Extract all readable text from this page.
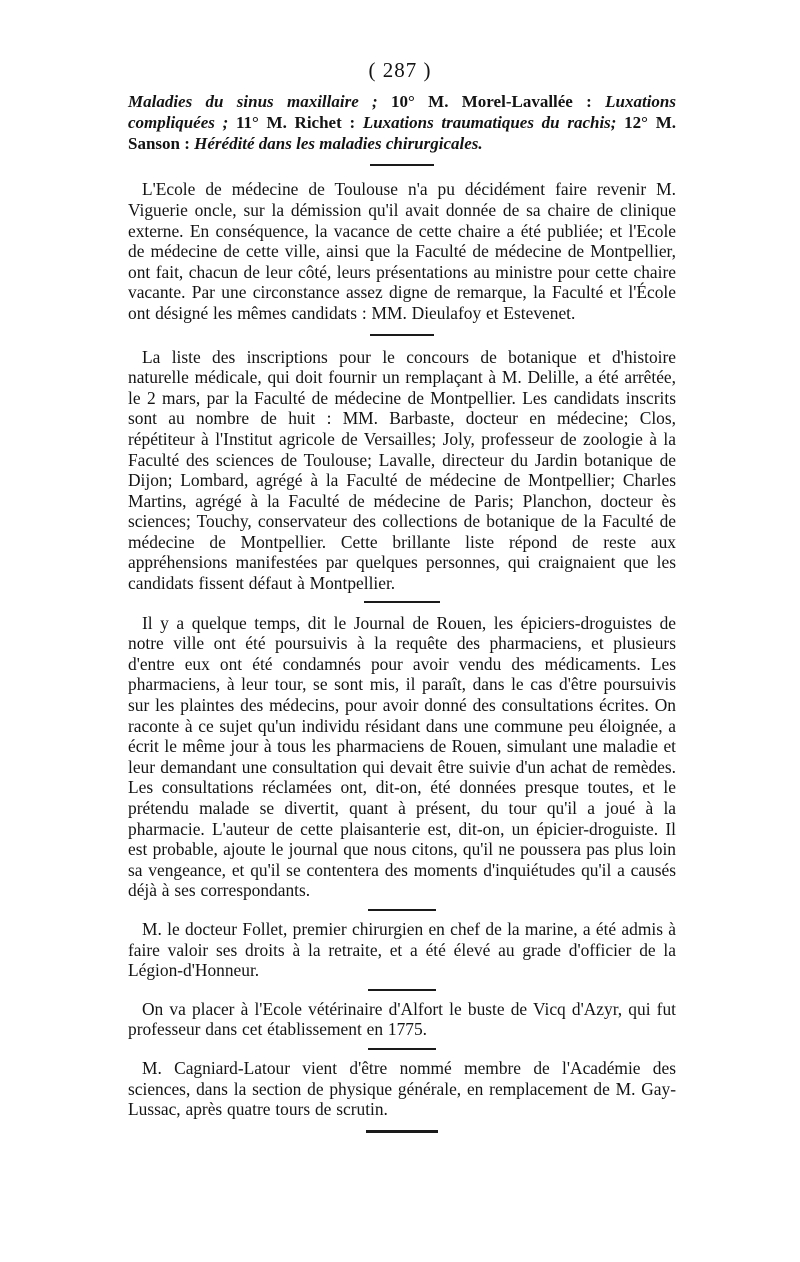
( 287 )

Maladies du sinus maxillaire ; 10° M. Morel-Lavallée : Luxations compliquées ; 11° M. Richet : Luxations traumatiques du rachis; 12° M. Sanson : Hérédité dans les maladies chirurgicales.

L'Ecole de médecine de Toulouse n'a pu décidément faire revenir M. Viguerie oncle, sur la démission qu'il avait donnée de sa chaire de clinique externe. En conséquence, la vacance de cette chaire a été publiée; et l'Ecole de médecine de cette ville, ainsi que la Faculté de médecine de Montpellier, ont fait, chacun de leur côté, leurs présentations au ministre pour cette chaire vacante. Par une circonstance assez digne de remarque, la Faculté et l'École ont désigné les mêmes candidats : MM. Dieulafoy et Estevenet.

La liste des inscriptions pour le concours de botanique et d'histoire naturelle médicale, qui doit fournir un remplaçant à M. Delille, a été arrêtée, le 2 mars, par la Faculté de médecine de Montpellier. Les candidats inscrits sont au nombre de huit : MM. Barbaste, docteur en médecine; Clos, répétiteur à l'Institut agricole de Versailles; Joly, professeur de zoologie à la Faculté des sciences de Toulouse; Lavalle, directeur du Jardin botanique de Dijon; Lombard, agrégé à la Faculté de médecine de Montpellier; Charles Martins, agrégé à la Faculté de médecine de Paris; Planchon, docteur ès sciences; Touchy, conservateur des collections de botanique de la Faculté de médecine de Montpellier. Cette brillante liste répond de reste aux appréhensions manifestées par quelques personnes, qui craignaient que les candidats fissent défaut à Montpellier.

Il y a quelque temps, dit le Journal de Rouen, les épiciers-droguistes de notre ville ont été poursuivis à la requête des pharmaciens, et plusieurs d'entre eux ont été condamnés pour avoir vendu des médicaments. Les pharmaciens, à leur tour, se sont mis, il paraît, dans le cas d'être poursuivis sur les plaintes des médecins, pour avoir donné des consultations écrites. On raconte à ce sujet qu'un individu résidant dans une commune peu éloignée, a écrit le même jour à tous les pharmaciens de Rouen, simulant une maladie et leur demandant une consultation qui devait être suivie d'un achat de remèdes. Les consultations réclamées ont, dit-on, été données presque toutes, et le prétendu malade se divertit, quant à présent, du tour qu'il a joué à la pharmacie. L'auteur de cette plaisanterie est, dit-on, un épicier-droguiste. Il est probable, ajoute le journal que nous citons, qu'il ne poussera pas plus loin sa vengeance, et qu'il se contentera des moments d'inquiétudes qu'il a causés déjà à ses correspondants.

M. le docteur Follet, premier chirurgien en chef de la marine, a été admis à faire valoir ses droits à la retraite, et a été élevé au grade d'officier de la Légion-d'Honneur.

On va placer à l'Ecole vétérinaire d'Alfort le buste de Vicq d'Azyr, qui fut professeur dans cet établissement en 1775.

M. Cagniard-Latour vient d'être nommé membre de l'Académie des sciences, dans la section de physique générale, en remplacement de M. Gay-Lussac, après quatre tours de scrutin.
